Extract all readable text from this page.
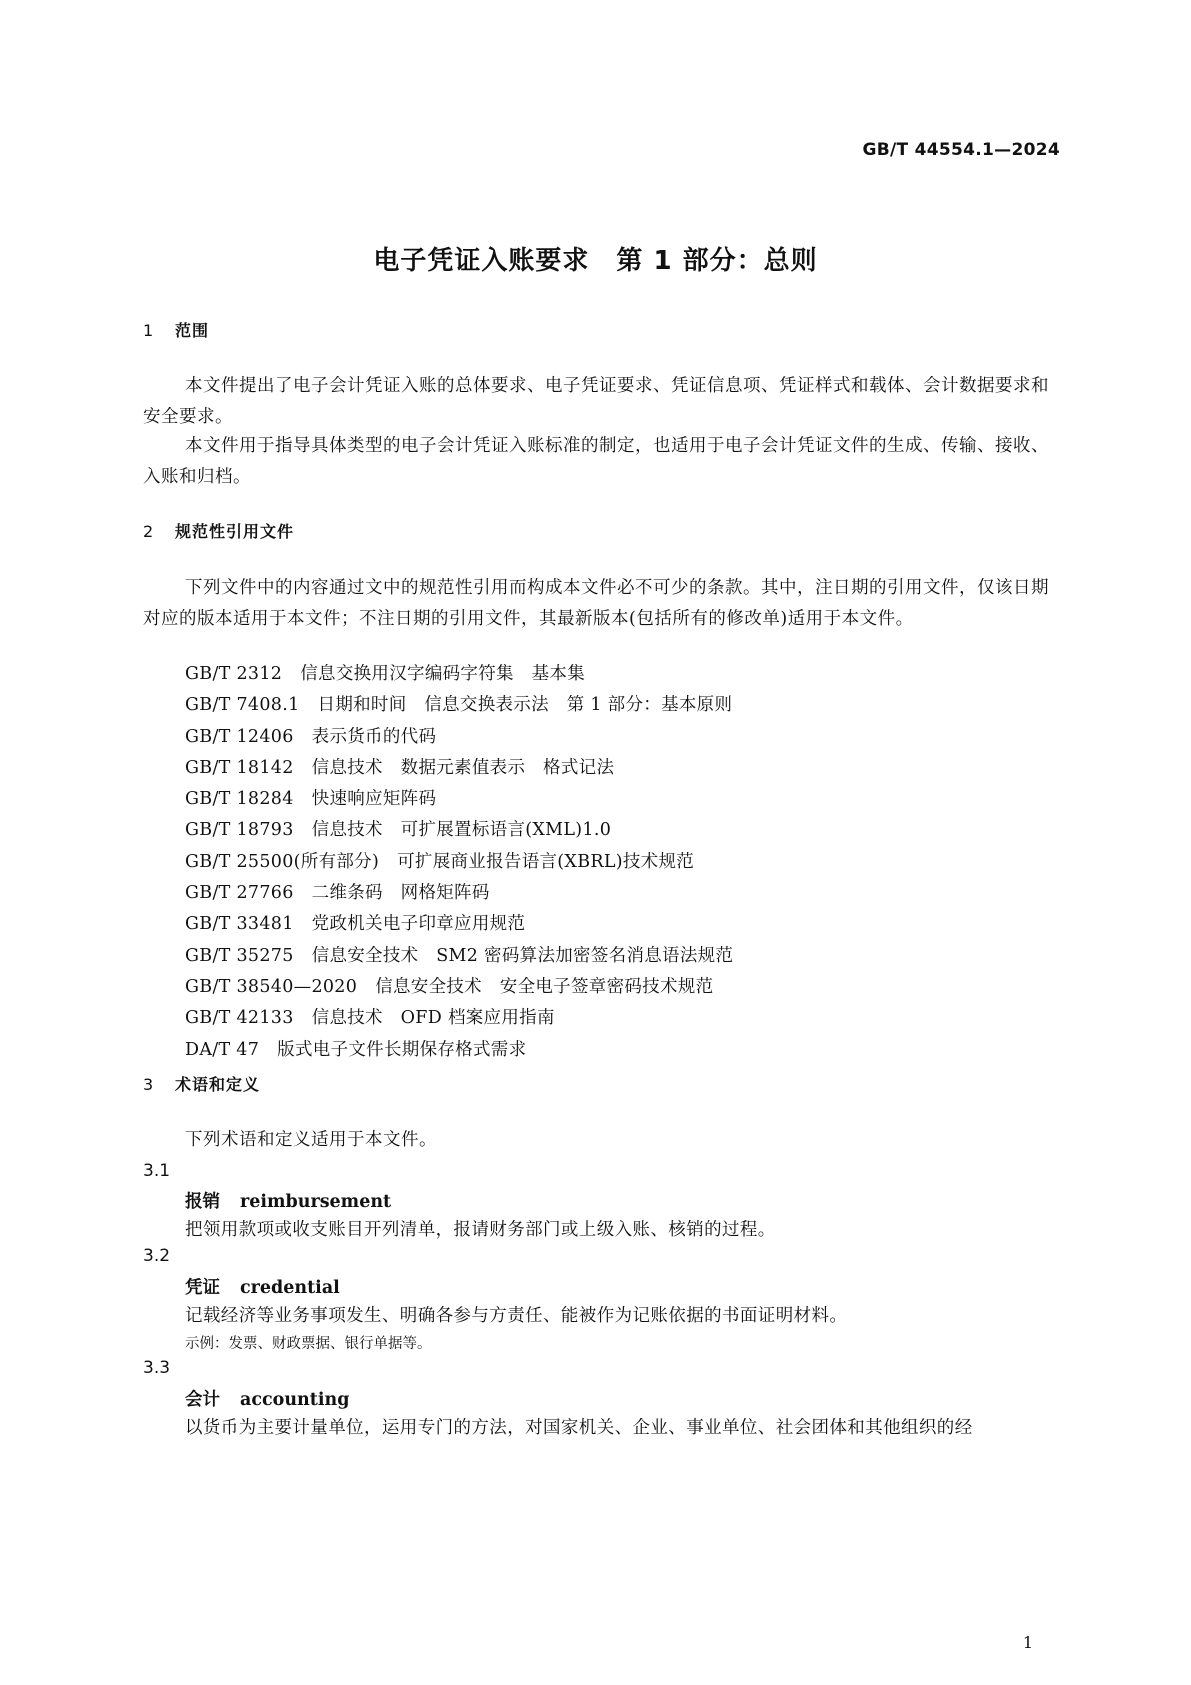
GB/T 44554.1—2024
电子凭证入账要求　第 1 部分：总则
1 范围

本文件提出了电子会计凭证入账的总体要求、电子凭证要求、凭证信息项、凭证样式和载体、会计数据要求和安全要求。

本文件用于指导具体类型的电子会计凭证入账标准的制定，也适用于电子会计凭证文件的生成、传输、接收、入账和归档。

2 规范性引用文件

下列文件中的内容通过文中的规范性引用而构成本文件必不可少的条款。其中，注日期的引用文件，仅该日期对应的版本适用于本文件；不注日期的引用文件，其最新版本(包括所有的修改单)适用于本文件。

GB/T 2312 信息交换用汉字编码字符集　基本集
GB/T 7408.1 日期和时间　信息交换表示法　第 1 部分：基本原则
GB/T 12406 表示货币的代码
GB/T 18142 信息技术　数据元素值表示　格式记法
GB/T 18284 快速响应矩阵码
GB/T 18793 信息技术　可扩展置标语言(XML)1.0
GB/T 25500(所有部分) 可扩展商业报告语言(XBRL)技术规范
GB/T 27766 二维条码　网格矩阵码
GB/T 33481 党政机关电子印章应用规范
GB/T 35275 信息安全技术　SM2 密码算法加密签名消息语法规范
GB/T 38540—2020 信息安全技术　安全电子签章密码技术规范
GB/T 42133 信息技术　OFD 档案应用指南
DA/T 47 版式电子文件长期保存格式需求
3 术语和定义

下列术语和定义适用于本文件。

3.1
报销 reimbursement
把领用款项或收支账目开列清单，报请财务部门或上级入账、核销的过程。
3.2
凭证 credential
记载经济等业务事项发生、明确各参与方责任、能被作为记账依据的书面证明材料。
示例：发票、财政票据、银行单据等。
3.3
会计 accounting
以货币为主要计量单位，运用专门的方法，对国家机关、企业、事业单位、社会团体和其他组织的经
1
